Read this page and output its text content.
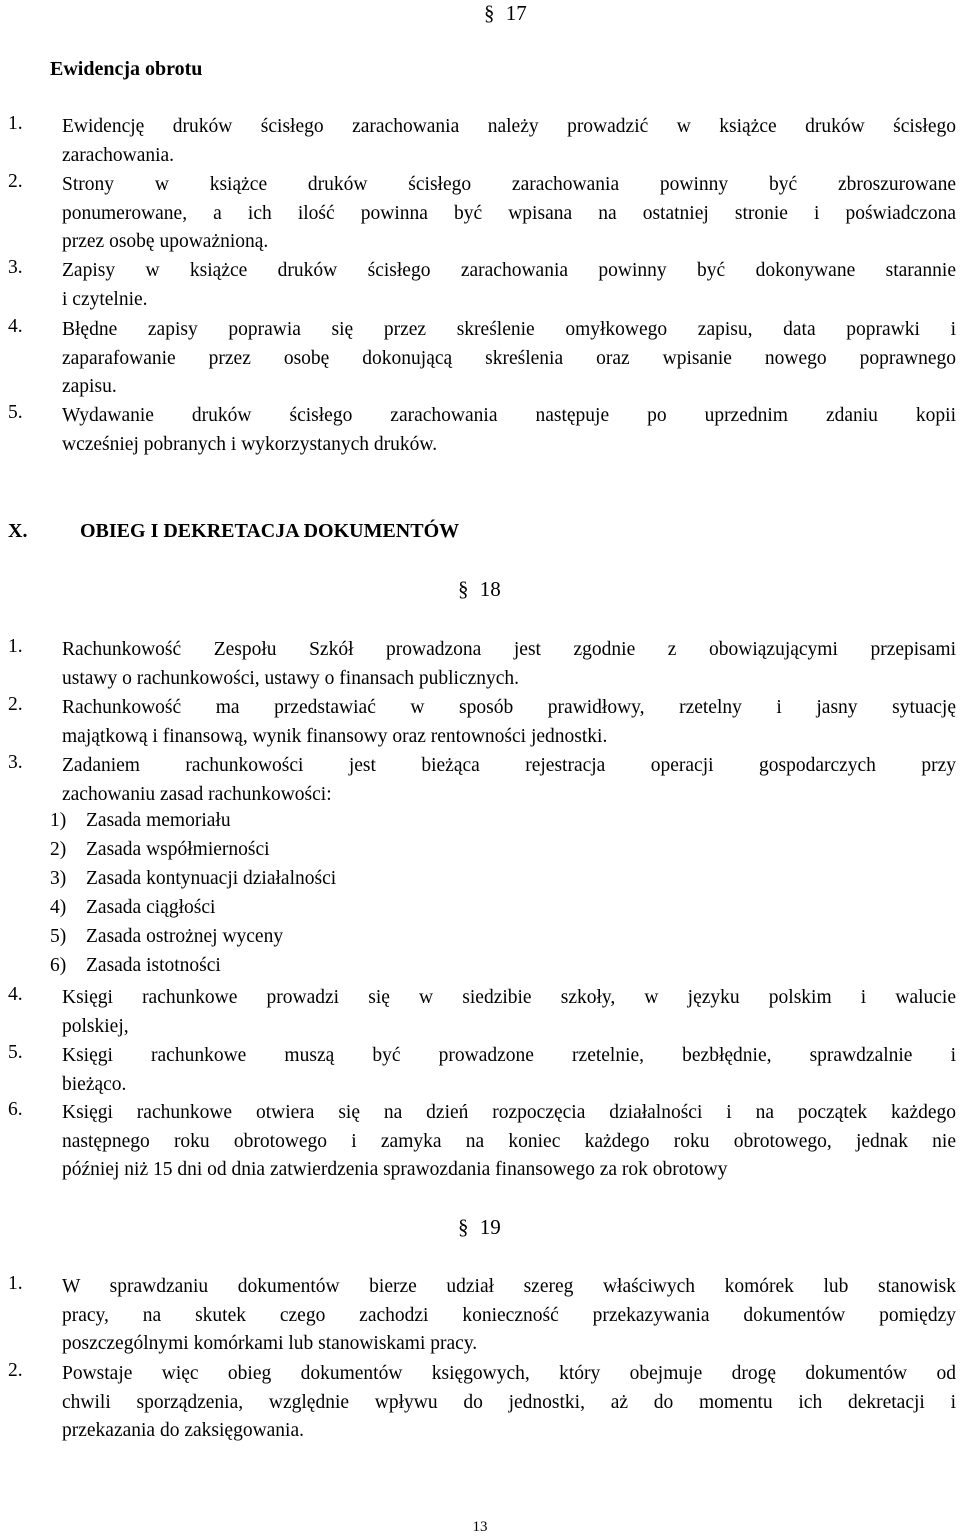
§ 17
Ewidencja obrotu
1. Ewidencję druków ścisłego zarachowania należy prowadzić w książce druków ścisłego
zarachowania.
2. Strony w książce druków ścisłego zarachowania powinny być zbroszurowane
ponumerowane, a ich ilość powinna być wpisana na ostatniej stronie i poświadczona
przez osobę upoważnioną.
3. Zapisy w książce druków ścisłego zarachowania powinny być dokonywane starannie
i czytelnie.
4. Błędne zapisy poprawia się przez skreślenie omyłkowego zapisu, data poprawki i
zaparafowanie przez osobę dokonującą skreślenia oraz wpisanie nowego poprawnego
zapisu.
5. Wydawanie druków ścisłego zarachowania następuje po uprzednim zdaniu kopii
wcześniej pobranych i wykorzystanych druków.
X.	OBIEG I DEKRETACJA DOKUMENTÓW
§ 18
1. Rachunkowość Zespołu Szkół prowadzona jest zgodnie z obowiązującymi przepisami
ustawy o rachunkowości, ustawy o finansach publicznych.
2. Rachunkowość ma przedstawiać w sposób prawidłowy, rzetelny i jasny sytuację
majątkową i finansową, wynik finansowy oraz rentowności jednostki.
3. Zadaniem rachunkowości jest bieżąca rejestracja operacji gospodarczych przy
zachowaniu zasad rachunkowości:
1) Zasada memoriału
2) Zasada współmierności
3) Zasada kontynuacji działalności
4) Zasada ciągłości
5) Zasada ostrożnej wyceny
6) Zasada istotności
4. Księgi rachunkowe prowadzi się w siedzibie szkoły, w języku polskim i walucie
polskiej,
5. Księgi rachunkowe muszą być prowadzone rzetelnie, bezbłędnie, sprawdzalnie i
bieżąco.
6. Księgi rachunkowe otwiera się na dzień rozpoczęcia działalności i na początek każdego
następnego roku obrotowego i zamyka na koniec każdego roku obrotowego, jednak nie
później niż 15 dni od dnia zatwierdzenia sprawozdania finansowego za rok obrotowy
§ 19
1. W sprawdzaniu dokumentów bierze udział szereg właściwych komórek lub stanowisk
pracy, na skutek czego zachodzi konieczność przekazywania dokumentów pomiędzy
poszczególnymi komórkami lub stanowiskami pracy.
2. Powstaje więc obieg dokumentów księgowych, który obejmuje drogę dokumentów od
chwili sporządzenia, względnie wpływu do jednostki, aż do momentu ich dekretacji i
przekazania do zaksięgowania.
13
